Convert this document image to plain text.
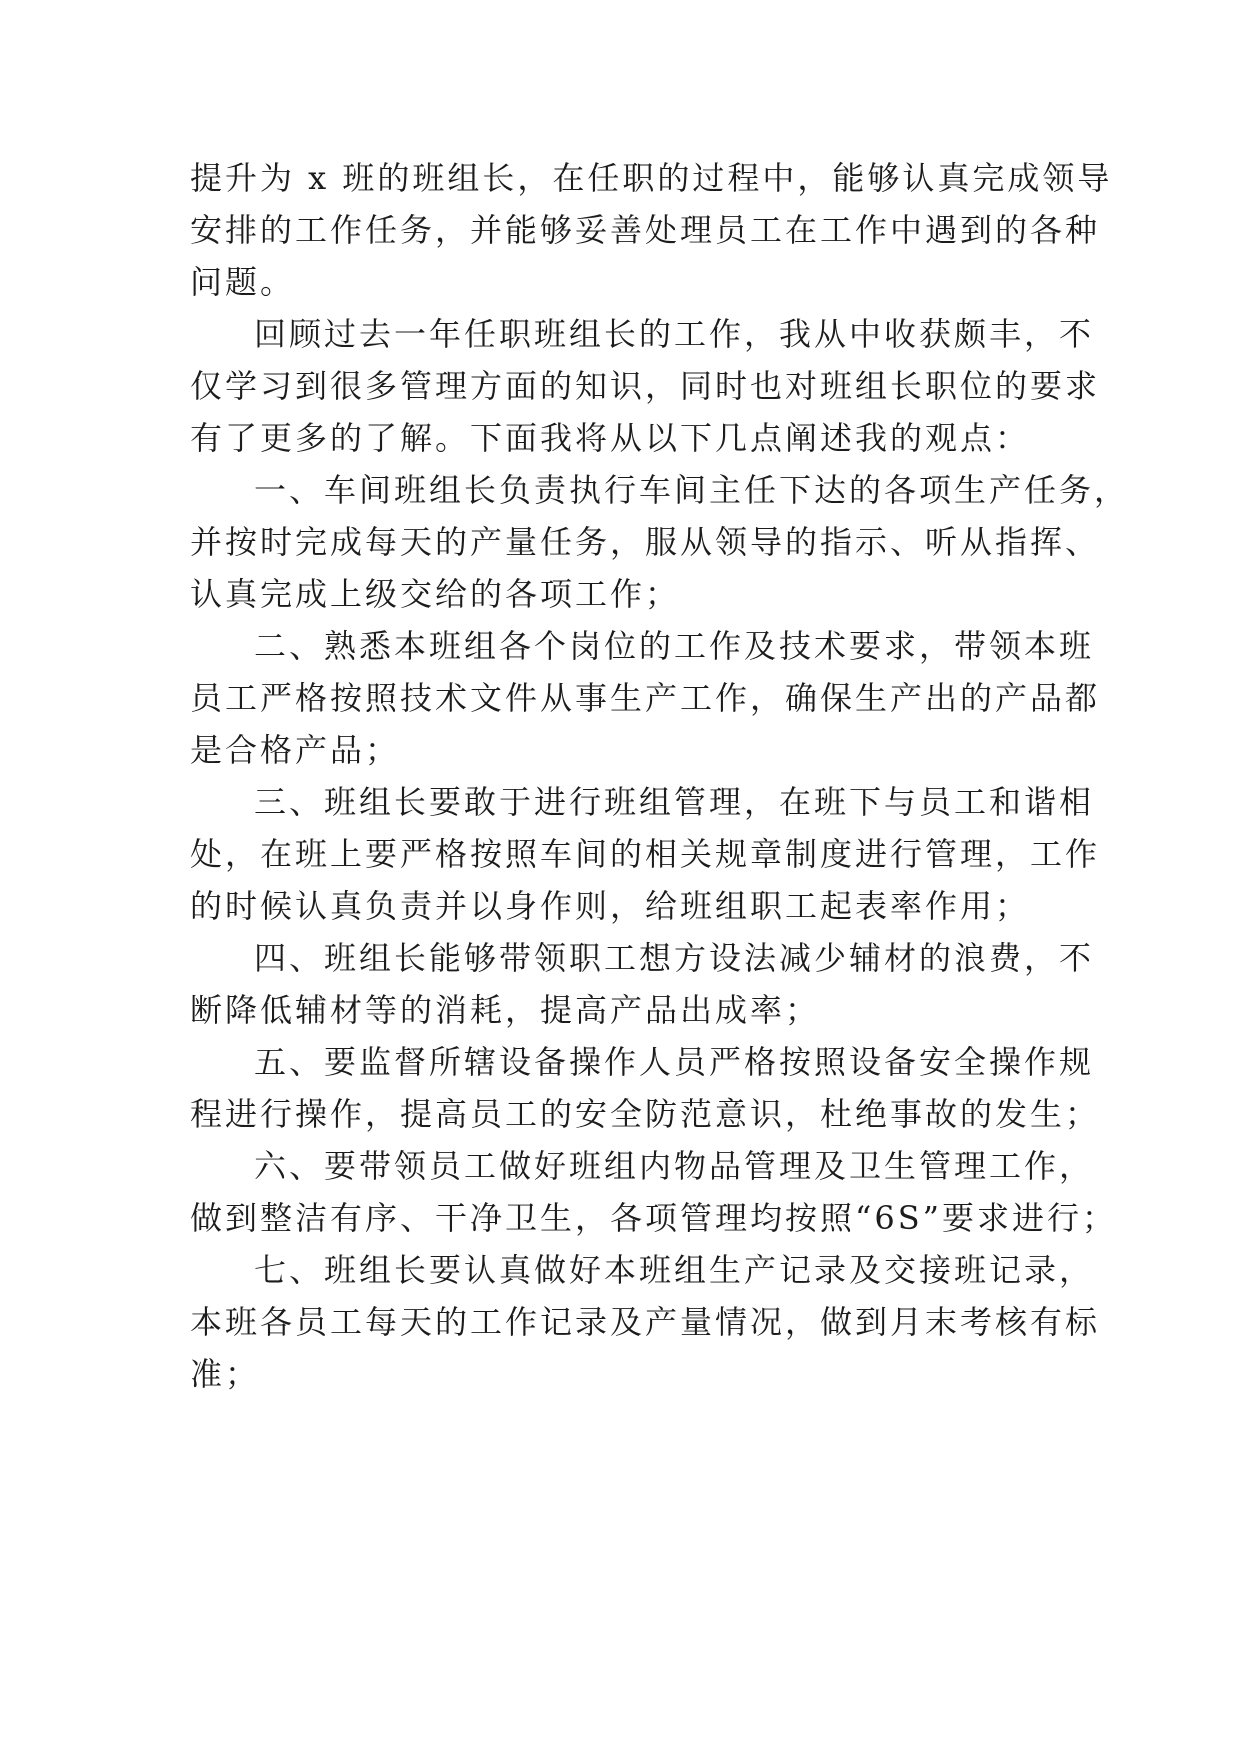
提升为 x 班的班组长，在任职的过程中，能够认真完成领导
安排的工作任务，并能够妥善处理员工在工作中遇到的各种
问题。
回顾过去一年任职班组长的工作，我从中收获颇丰，不
仅学习到很多管理方面的知识，同时也对班组长职位的要求
有了更多的了解。下面我将从以下几点阐述我的观点：
一、车间班组长负责执行车间主任下达的各项生产任务，
并按时完成每天的产量任务，服从领导的指示、听从指挥、
认真完成上级交给的各项工作；
二、熟悉本班组各个岗位的工作及技术要求，带领本班
员工严格按照技术文件从事生产工作，确保生产出的产品都
是合格产品；
三、班组长要敢于进行班组管理，在班下与员工和谐相
处，在班上要严格按照车间的相关规章制度进行管理，工作
的时候认真负责并以身作则，给班组职工起表率作用；
四、班组长能够带领职工想方设法减少辅材的浪费，不
断降低辅材等的消耗，提高产品出成率；
五、要监督所辖设备操作人员严格按照设备安全操作规
程进行操作，提高员工的安全防范意识，杜绝事故的发生；
六、要带领员工做好班组内物品管理及卫生管理工作，
做到整洁有序、干净卫生，各项管理均按照“6S”要求进行；
七、班组长要认真做好本班组生产记录及交接班记录，
本班各员工每天的工作记录及产量情况，做到月末考核有标
准；
